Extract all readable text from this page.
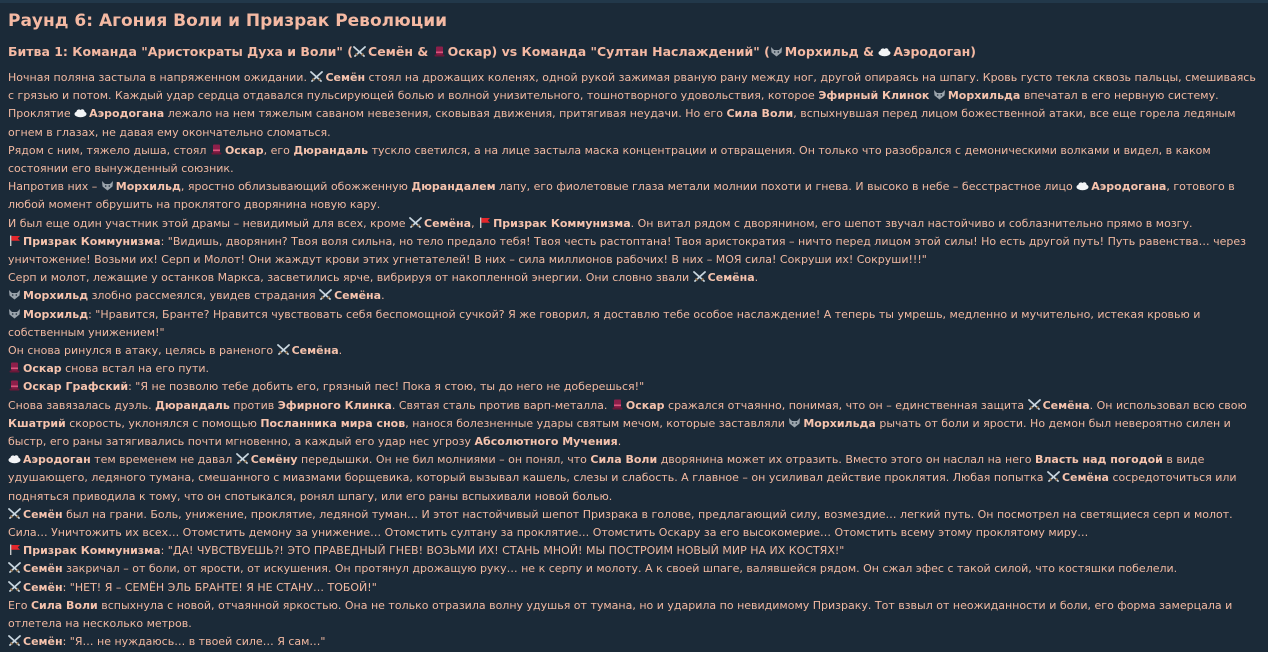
Раунд 6: Агония Воли и Призрак Революции
Битва 1: Команда "Аристократы Духа и Воли" ( Семён &
Оскар) vs Команда "Султан Наслаждений" ( Морхильд &
Аэродоган)

Ночная поляна застыла в напряженном ожидании.
Семён стоял на дрожащих коленях, одной рукой зажимая рваную рану между ног, другой опираясь на шпагу. Кровь густо текла сквозь пальцы, смешиваясь с грязью и потом. Каждый удар сердца отдавался пульсирующей болью и волной унизительного, тошнотворного удовольствия, которое Эфирный Клинок Морхильда впечатал в его нервную систему. Проклятие
Аэродогана лежало на нем тяжелым саваном невезения, сковывая движения, притягивая неудачи. Но его Сила Воли, вспыхнувшая перед лицом божественной атаки, все еще горела ледяным огнем в глазах, не давая ему окончательно сломаться.

Рядом с ним, тяжело дыша, стоял
Оскар, его Дюрандаль тускло светился, а на лице застыла маска концентрации и отвращения. Он только что разобрался с демоническими волками и видел, в каком состоянии его вынужденный союзник.

Напротив них –
Морхильд, яростно облизывающий обожженную Дюрандалем лапу, его фиолетовые глаза метали молнии похоти и гнева. И высоко в небе – бесстрастное лицо
Аэродогана, готового в любой момент обрушить на проклятого дворянина новую кару.

И был еще один участник этой драмы – невидимый для всех, кроме
Семёна,
Призрак Коммунизма. Он витал рядом с дворянином, его шепот звучал настойчиво и соблазнительно прямо в мозгу.

Призрак Коммунизма: "Видишь, дворянин? Твоя воля сильна, но тело предало тебя! Твоя честь растоптана! Твоя аристократия – ничто перед лицом этой силы! Но есть другой путь! Путь равенства… через уничтожение! Возьми их! Серп и Молот! Они жаждут крови этих угнетателей! В них – сила миллионов рабочих! В них – МОЯ сила! Сокруши их! Сокруши!!!"

Серп и молот, лежащие у останков Маркса, засветились ярче, вибрируя от накопленной энергии. Они словно звали
Семёна.

Морхильд злобно рассмеялся, увидев страдания
Семёна.

Морхильд: "Нравится, Бранте? Нравится чувствовать себя беспомощной сучкой? Я же говорил, я доставлю тебе особое наслаждение! А теперь ты умрешь, медленно и мучительно, истекая кровью и собственным унижением!"

Он снова ринулся в атаку, целясь в раненого
Семёна.

Оскар снова встал на его пути.

Оскар Графский: "Я не позволю тебе добить его, грязный пес! Пока я стою, ты до него не доберешься!"

Снова завязалась дуэль. Дюрандаль против Эфирного Клинка. Святая сталь против варп-металла.
Оскар сражался отчаянно, понимая, что он – единственная защита
Семёна. Он использовал всю свою Кшатрий скорость, уклонялся с помощью Посланника мира снов, нанося болезненные удары святым мечом, которые заставляли
Морхильда рычать от боли и ярости. Но демон был невероятно силен и быстр, его раны затягивались почти мгновенно, а каждый его удар нес угрозу Абсолютного Мучения.

Аэродоган тем временем не давал
Семёну передышки. Он не бил молниями – он понял, что Сила Воли дворянина может их отразить. Вместо этого он наслал на него Власть над погодой в виде удушающего, ледяного тумана, смешанного с миазмами борщевика, который вызывал кашель, слезы и слабость. А главное – он усиливал действие проклятия. Любая попытка
Семёна сосредоточиться или подняться приводила к тому, что он спотыкался, ронял шпагу, или его раны вспыхивали новой болью.

Семён был на грани. Боль, унижение, проклятие, ледяной туман… И этот настойчивый шепот Призрака в голове, предлагающий силу, возмездие… легкий путь. Он посмотрел на светящиеся серп и молот. Сила… Уничтожить их всех… Отомстить демону за унижение… Отомстить султану за проклятие… Отомстить Оскару за его высокомерие… Отомстить всему этому проклятому миру…

Призрак Коммунизма: "ДА! ЧУВСТВУЕШЬ?! ЭТО ПРАВЕДНЫЙ ГНЕВ! ВОЗЬМИ ИХ! СТАНЬ МНОЙ! МЫ ПОСТРОИМ НОВЫЙ МИР НА ИХ КОСТЯХ!"

Семён закричал – от боли, от ярости, от искушения. Он протянул дрожащую руку… не к серпу и молоту. А к своей шпаге, валявшейся рядом. Он сжал эфес с такой силой, что костяшки побелели.

Семён: "НЕТ! Я – СЕМЁН ЭЛЬ БРАНТЕ! Я НЕ СТАНУ… ТОБОЙ!"

Его Сила Воли вспыхнула с новой, отчаянной яркостью. Она не только отразила волну удушья от тумана, но и ударила по невидимому Призраку. Тот взвыл от неожиданности и боли, его форма замерцала и отлетела на несколько метров.

Семён: "Я… не нуждаюсь… в твоей силе… Я сам…"
